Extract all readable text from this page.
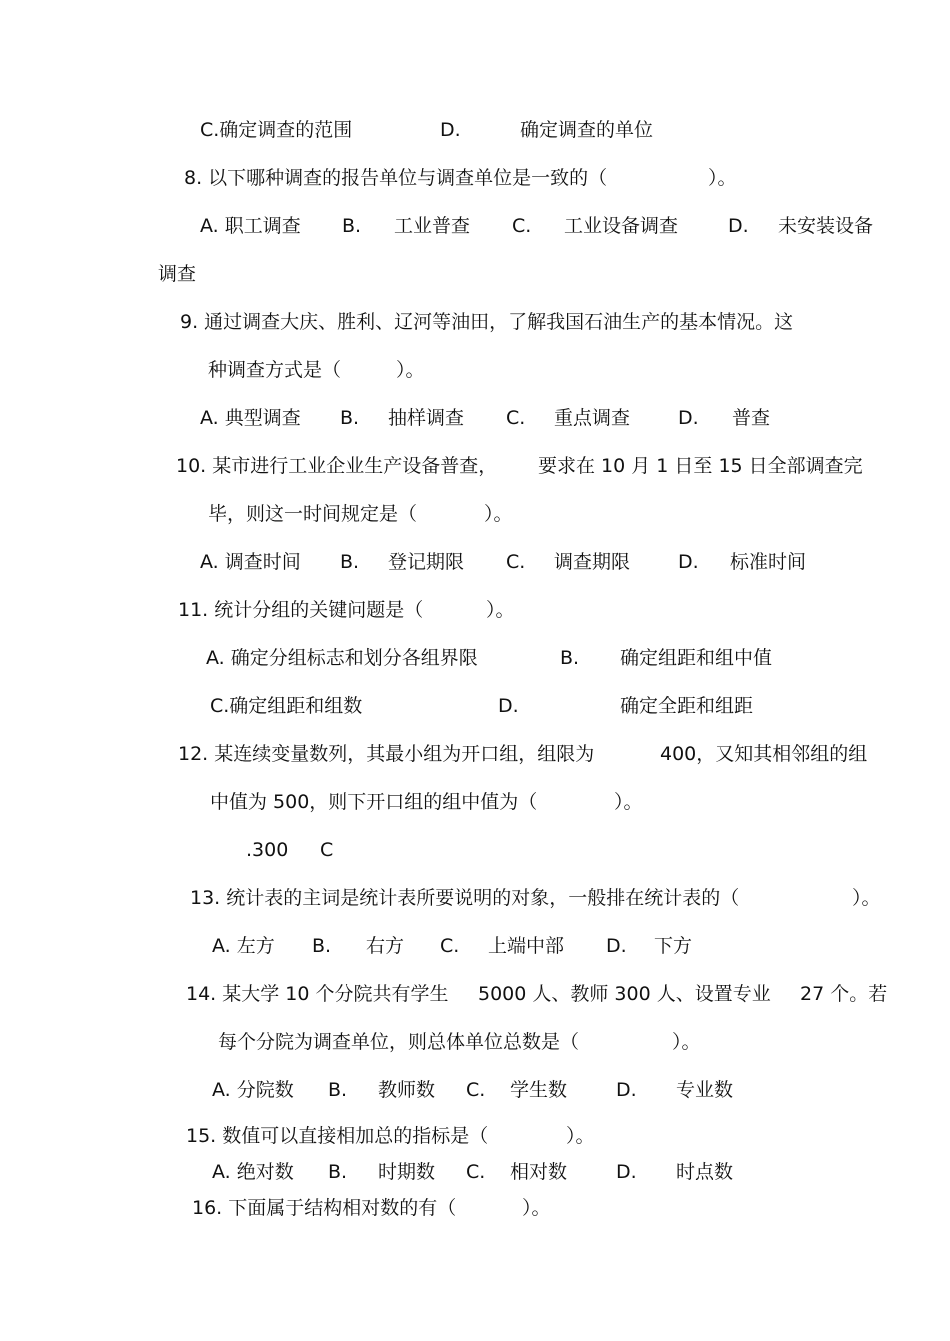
C.确定调查的范围	D.	确定调查的单位
8. 以下哪种调查的报告单位与调查单位是一致的（	）。
A. 职工调查 B. 工业普查 C. 工业设备调查	D. 未安装设备
调查
9. 通过调查大庆、胜利、辽河等油田，了解我国石油生产的基本情况。这
种调查方式是（	）。
A. 典型调查 B. 抽样调查 C. 重点调查	D. 普查
10. 某市进行工业企业生产设备普查， 要求在 10 月 1 日至 15 日全部调查完
毕，则这一时间规定是（	）。
A. 调查时间 B. 登记期限 C. 调查期限	D. 标准时间
11. 统计分组的关键问题是（	）。
A. 确定分组标志和划分各组界限	B. 确定组距和组中值
C.确定组距和组数	D.	确定全距和组距
12. 某连续变量数列，其最小组为开口组，组限为	400，又知其相邻组的组
中值为 500，则下开口组的组中值为（	）。
.300 C
13. 统计表的主词是统计表所要说明的对象，一般排在统计表的（	）。
A. 左方 B. 右方 C. 上端中部 D. 下方
14. 某大学 10 个分院共有学生 5000 人、教师 300 人、设置专业 27 个。若
每个分院为调查单位，则总体单位总数是（	）。
A. 分院数 B. 教师数 C. 学生数	D. 专业数
15. 数值可以直接相加总的指标是（	）。
A. 绝对数 B. 时期数 C. 相对数	D. 时点数
16. 下面属于结构相对数的有（	）。
